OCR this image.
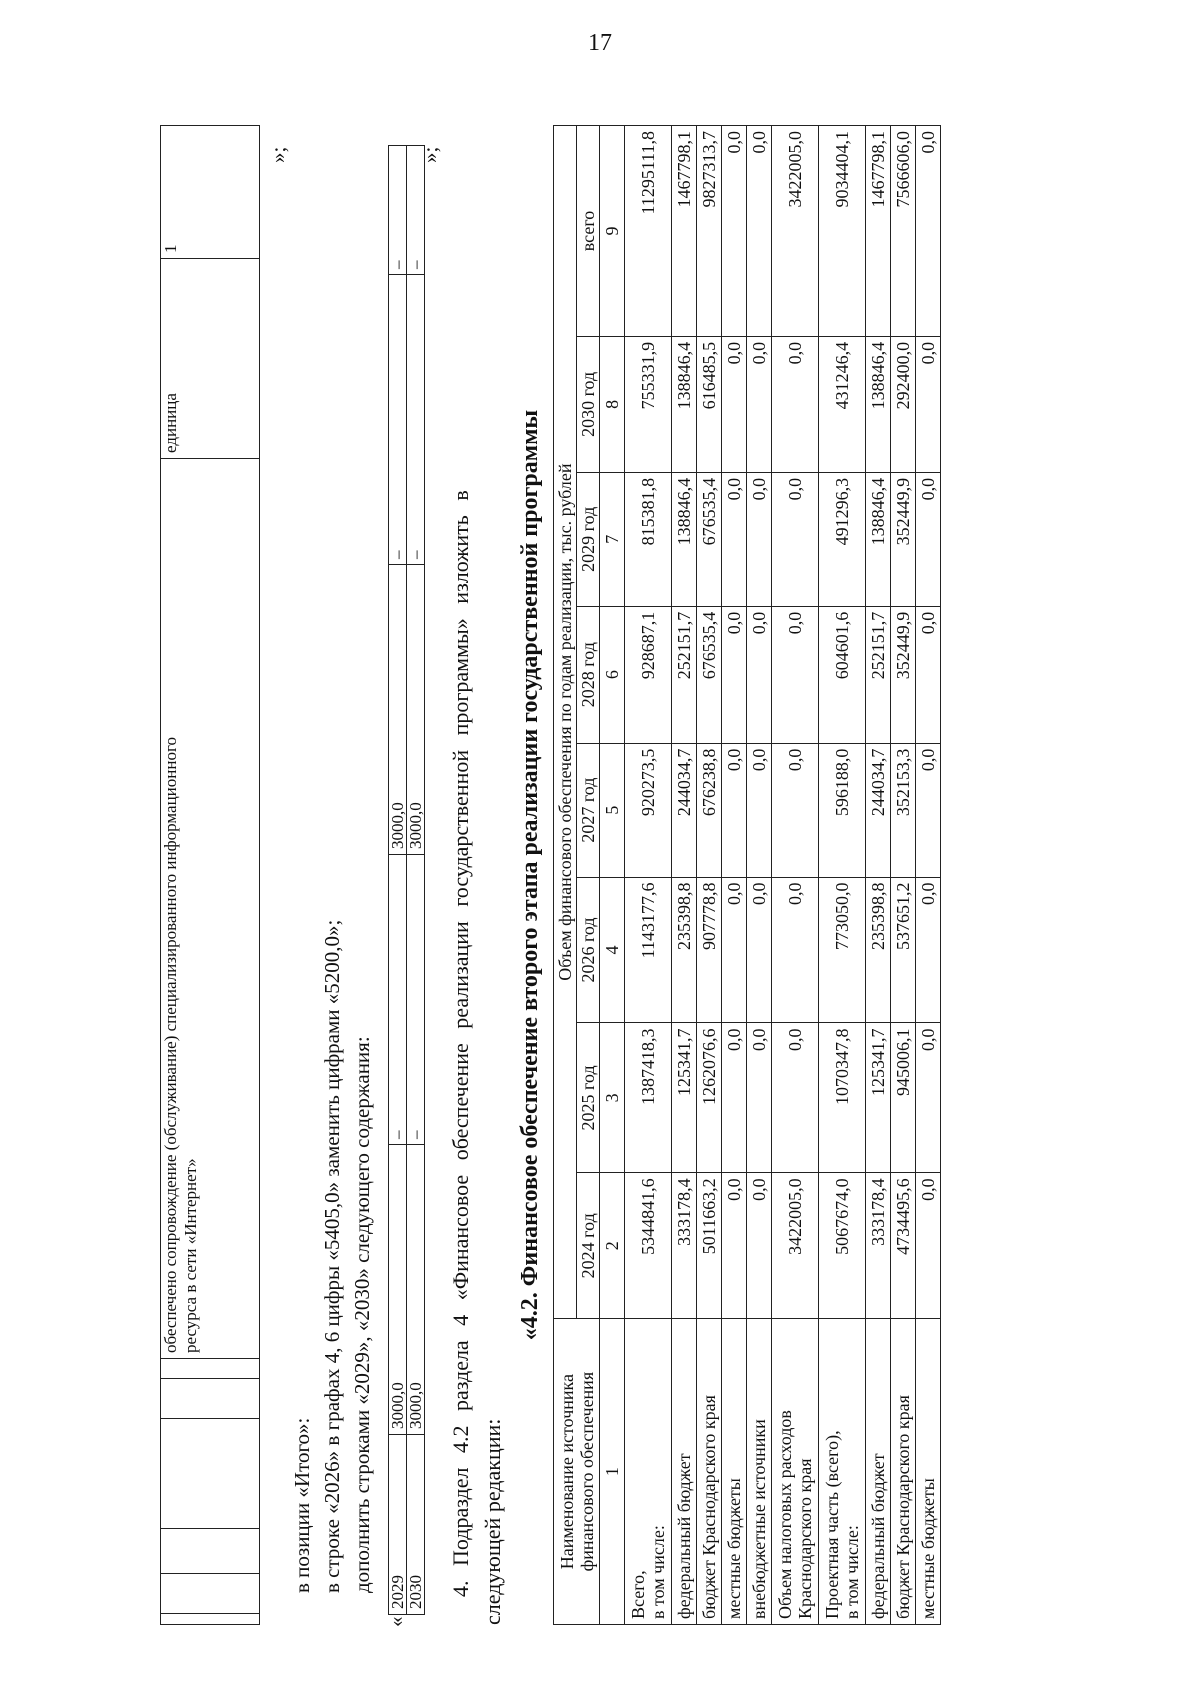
17

обеспечено сопровождение (обслуживание) специализированного информационного ресурса в сети «Интернет»
	единица	1
»;
в позиции «Итого»: в строке «2026» в графах 4, 6 цифры «5405,0» заменить цифрами «5200,0»; дополнить строками «2029», «2030» следующего содержания:
«
2029	3000,0	–	3000,0	–	–
2030	3000,0	–	3000,0	–	–
»;
4. Подраздел 4.2 раздела 4 «Финансовое обеспечение реализации государственной программы» изложить в следующей редакции:
«4.2. Финансовое обеспечение второго этапа реализации государственной программы
Наименование источника финансового обеспечения	Объем финансового обеспечения по годам реализации, тыс. рублей							
	2024 год	2025 год	2026 год	2027 год	2028 год	2029 год	2030 год	всего
1	2	3	4	5	6	7	8	9

Всего, в том числе:	5344841,6	1387418,3	1143177,6	920273,5	928687,1	815381,8	755331,9	11295111,8

федеральный бюджет	333178,4	125341,7	235398,8	244034,7	252151,7	138846,4	138846,4	1467798,1

бюджет Краснодарского края	5011663,2	1262076,6	907778,8	676238,8	676535,4	676535,4	616485,5	9827313,7

местные бюджеты	0,0	0,0	0,0	0,0	0,0	0,0	0,0	0,0

внебюджетные источники	0,0	0,0	0,0	0,0	0,0	0,0	0,0	0,0

Объем налоговых расходов Краснодарского края	3422005,0	0,0	0,0	0,0	0,0	0,0	0,0	3422005,0

Проектная часть (всего), в том числе:	5067674,0	1070347,8	773050,0	596188,0	604601,6	491296,3	431246,4	9034404,1

федеральный бюджет	333178,4	125341,7	235398,8	244034,7	252151,7	138846,4	138846,4	1467798,1

бюджет Краснодарского края	4734495,6	945006,1	537651,2	352153,3	352449,9	352449,9	292400,0	7566606,0

местные бюджеты	0,0	0,0	0,0	0,0	0,0	0,0	0,0	0,0
